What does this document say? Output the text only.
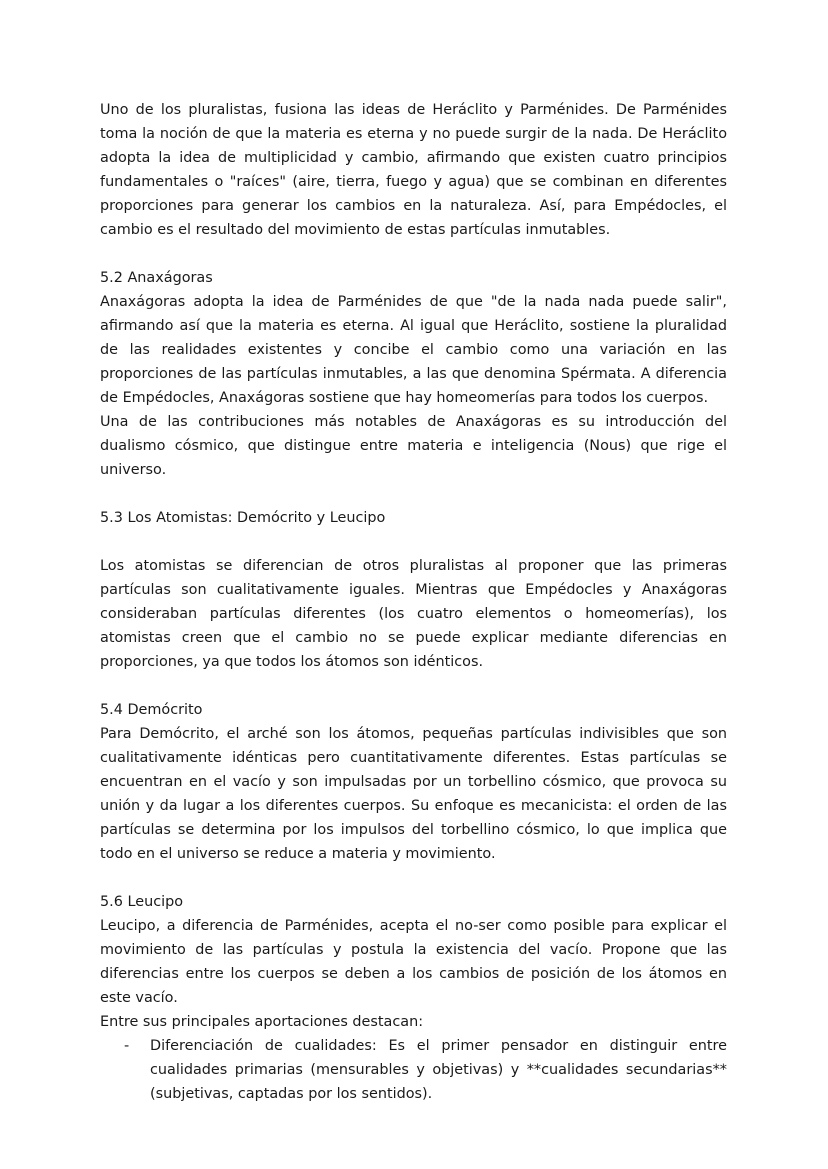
Uno de los pluralistas, fusiona las ideas de Heráclito y Parménides. De Parménides toma la noción de que la materia es eterna y no puede surgir de la nada. De Heráclito adopta la idea de multiplicidad y cambio, afirmando que existen cuatro principios fundamentales o "raíces" (aire, tierra, fuego y agua) que se combinan en diferentes proporciones para generar los cambios en la naturaleza. Así, para Empédocles, el cambio es el resultado del movimiento de estas partículas inmutables.

5.2 Anaxágoras

Anaxágoras adopta la idea de Parménides de que "de la nada nada puede salir", afirmando así que la materia es eterna. Al igual que Heráclito, sostiene la pluralidad de las realidades existentes y concibe el cambio como una variación en las proporciones de las partículas inmutables, a las que denomina Spérmata. A diferencia de Empédocles, Anaxágoras sostiene que hay homeomerías para todos los cuerpos.

Una de las contribuciones más notables de Anaxágoras es su introducción del dualismo cósmico, que distingue entre materia e inteligencia (Nous) que rige el universo.

5.3 Los Atomistas: Demócrito y Leucipo

Los atomistas se diferencian de otros pluralistas al proponer que las primeras partículas son cualitativamente iguales. Mientras que Empédocles y Anaxágoras consideraban partículas diferentes (los cuatro elementos o homeomerías), los atomistas creen que el cambio no se puede explicar mediante diferencias en proporciones, ya que todos los átomos son idénticos.

5.4 Demócrito

Para Demócrito, el arché son los átomos, pequeñas partículas indivisibles que son cualitativamente idénticas pero cuantitativamente diferentes. Estas partículas se encuentran en el vacío y son impulsadas por un torbellino cósmico, que provoca su unión y da lugar a los diferentes cuerpos. Su enfoque es mecanicista: el orden de las partículas se determina por los impulsos del torbellino cósmico, lo que implica que todo en el universo se reduce a materia y movimiento.

5.6 Leucipo

Leucipo, a diferencia de Parménides, acepta el no-ser como posible para explicar el movimiento de las partículas y postula la existencia del vacío. Propone que las diferencias entre los cuerpos se deben a los cambios de posición de los átomos en este vacío.

Entre sus principales aportaciones destacan:

- Diferenciación de cualidades: Es el primer pensador en distinguir entre cualidades primarias (mensurables y objetivas) y **cualidades secundarias** (subjetivas, captadas por los sentidos).
